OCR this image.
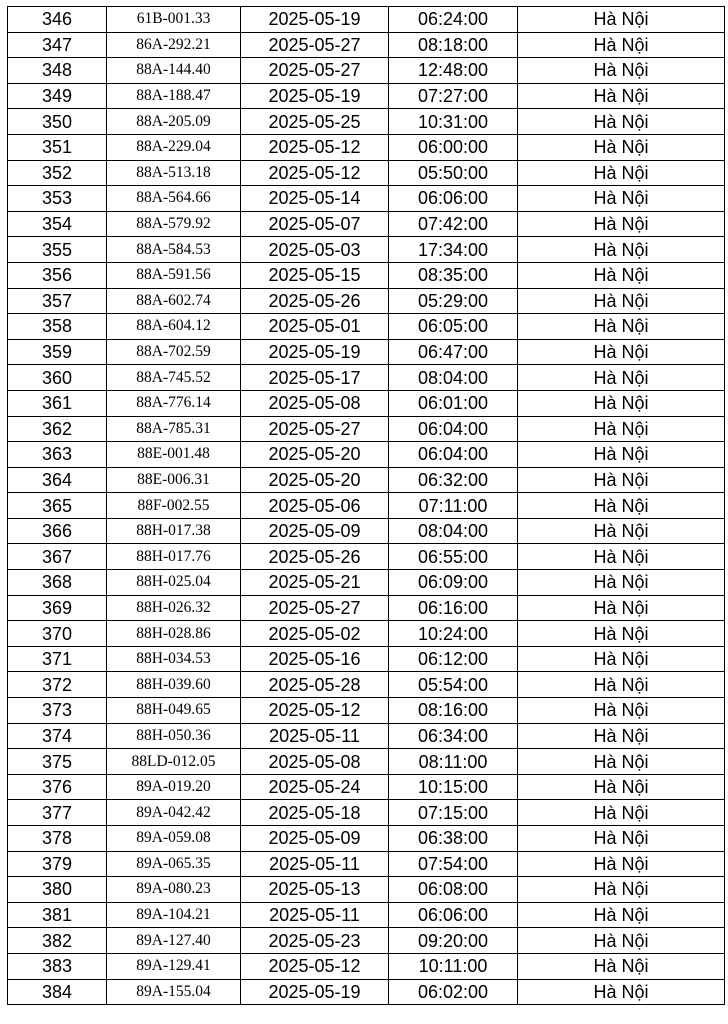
346	61B-001.33	2025-05-19	06:24:00	Hà Nội
347	86A-292.21	2025-05-27	08:18:00	Hà Nội
348	88A-144.40	2025-05-27	12:48:00	Hà Nội
349	88A-188.47	2025-05-19	07:27:00	Hà Nội
350	88A-205.09	2025-05-25	10:31:00	Hà Nội
351	88A-229.04	2025-05-12	06:00:00	Hà Nội
352	88A-513.18	2025-05-12	05:50:00	Hà Nội
353	88A-564.66	2025-05-14	06:06:00	Hà Nội
354	88A-579.92	2025-05-07	07:42:00	Hà Nội
355	88A-584.53	2025-05-03	17:34:00	Hà Nội
356	88A-591.56	2025-05-15	08:35:00	Hà Nội
357	88A-602.74	2025-05-26	05:29:00	Hà Nội
358	88A-604.12	2025-05-01	06:05:00	Hà Nội
359	88A-702.59	2025-05-19	06:47:00	Hà Nội
360	88A-745.52	2025-05-17	08:04:00	Hà Nội
361	88A-776.14	2025-05-08	06:01:00	Hà Nội
362	88A-785.31	2025-05-27	06:04:00	Hà Nội
363	88E-001.48	2025-05-20	06:04:00	Hà Nội
364	88E-006.31	2025-05-20	06:32:00	Hà Nội
365	88F-002.55	2025-05-06	07:11:00	Hà Nội
366	88H-017.38	2025-05-09	08:04:00	Hà Nội
367	88H-017.76	2025-05-26	06:55:00	Hà Nội
368	88H-025.04	2025-05-21	06:09:00	Hà Nội
369	88H-026.32	2025-05-27	06:16:00	Hà Nội
370	88H-028.86	2025-05-02	10:24:00	Hà Nội
371	88H-034.53	2025-05-16	06:12:00	Hà Nội
372	88H-039.60	2025-05-28	05:54:00	Hà Nội
373	88H-049.65	2025-05-12	08:16:00	Hà Nội
374	88H-050.36	2025-05-11	06:34:00	Hà Nội
375	88LD-012.05	2025-05-08	08:11:00	Hà Nội
376	89A-019.20	2025-05-24	10:15:00	Hà Nội
377	89A-042.42	2025-05-18	07:15:00	Hà Nội
378	89A-059.08	2025-05-09	06:38:00	Hà Nội
379	89A-065.35	2025-05-11	07:54:00	Hà Nội
380	89A-080.23	2025-05-13	06:08:00	Hà Nội
381	89A-104.21	2025-05-11	06:06:00	Hà Nội
382	89A-127.40	2025-05-23	09:20:00	Hà Nội
383	89A-129.41	2025-05-12	10:11:00	Hà Nội
384	89A-155.04	2025-05-19	06:02:00	Hà Nội
